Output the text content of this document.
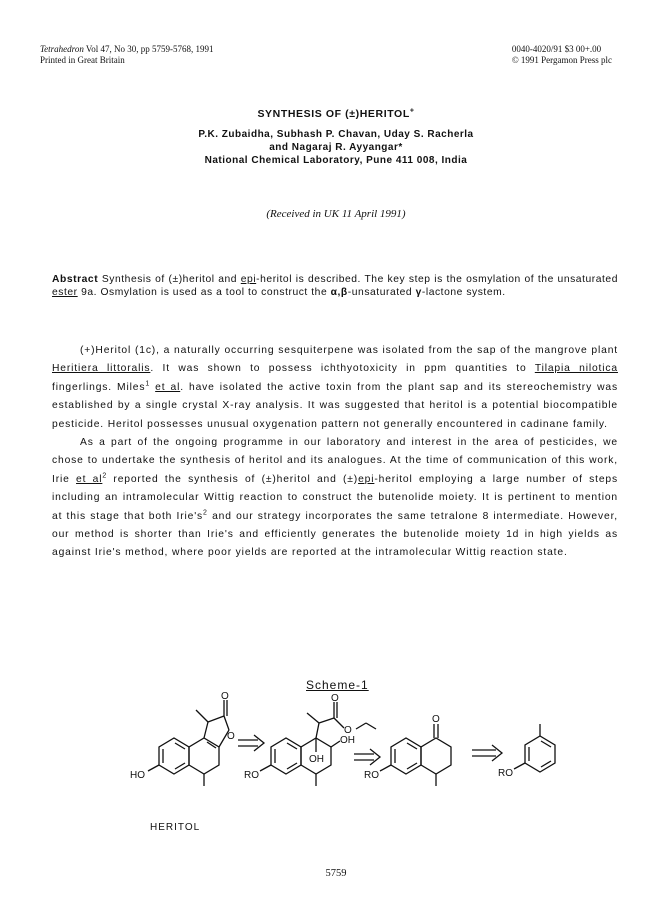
Tetrahedron Vol 47, No 30, pp 5759-5768, 1991
Printed in Great Britain
0040-4020/91 $3 00+.00
© 1991 Pergamon Press plc
SYNTHESIS OF (±)HERITOL+
P.K. Zubaidha, Subhash P. Chavan, Uday S. Racherla
and Nagaraj R. Ayyangar*
National Chemical Laboratory, Pune 411 008, India
(Received in UK 11 April 1991)
Abstract Synthesis of (±)heritol and epi-heritol is described. The key step is the osmylation of the unsaturated ester 9a. Osmylation is used as a tool to construct the α,β-unsaturated γ-lactone system.

(+)Heritol (1c), a naturally occurring sesquiterpene was isolated from the sap of the mangrove plant Heritiera littoralis. It was shown to possess ichthyotoxicity in ppm quantities to Tilapia nilotica fingerlings. Miles$^1$ et al. have isolated the active toxin from the plant sap and its stereochemistry was established by a single crystal X-ray analysis. It was suggested that heritol is a potential biocompatible pesticide. Heritol possesses unusual oxygenation pattern not generally encountered in cadinane family.

As a part of the ongoing programme in our laboratory and interest in the area of pesticides, we chose to undertake the synthesis of heritol and its analogues. At the time of communication of this work, Irie et $al^2$ reported the synthesis of (±)heritol and (±)epi-heritol employing a large number of steps including an intramolecular Wittig reaction to construct the butenolide moiety. It is pertinent to mention at this stage that both $Irie's^2$ and our strategy incorporates the same tetralone 8 intermediate. However, our method is shorter than Irie's and efficiently generates the butenolide moiety 1d in high yields as against Irie's method, where poor yields are reported at the intramolecular Wittig reaction state.

Scheme-1
O
O
HO
O
O
OH
OH
RO
O
RO	RO
HERITOL
5759
